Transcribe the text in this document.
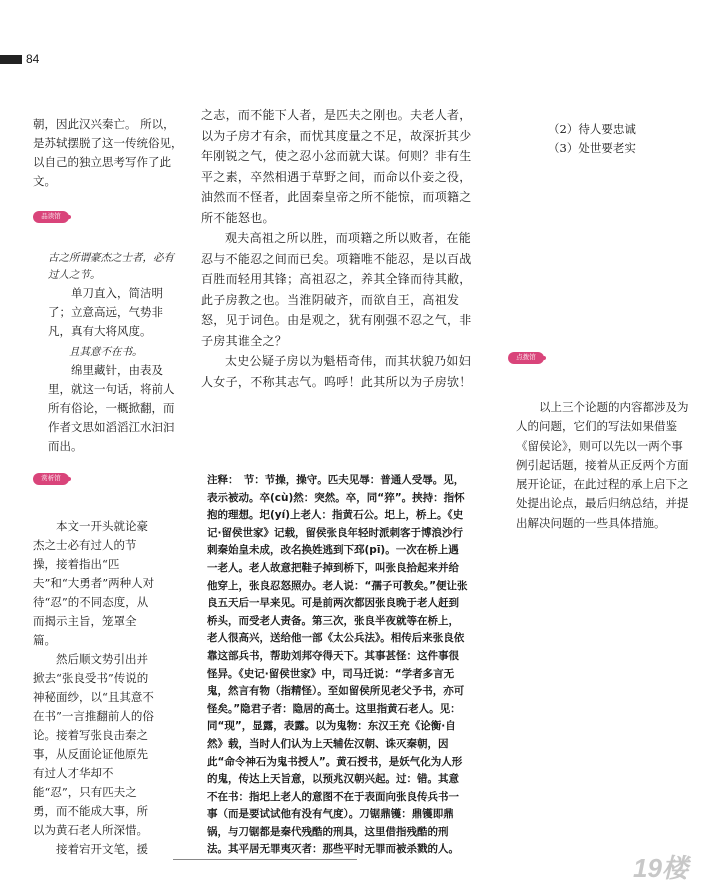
84

朝，因此汉兴秦亡。 所以，是苏轼摆脱了这一传统俗见，以自己的独立思考写作了此文。

品读馆

古之所谓豪杰之士者，必有过人之节。

单刀直入，简洁明了；立意高远，气势非凡，真有大将风度。

且其意不在书。

绵里藏针，由表及里，就这一句话，将前人所有俗论，一概掀翻，而作者文思如滔滔江水汩汩而出。

赏析馆

本文一开头就论豪杰之士必有过人的节操，接着指出“匹夫”和“大勇者”两种人对待“忍”的不同态度，从而揭示主旨，笼罩全篇。

然后顺文势引出并掀去“张良受书”传说的神秘面纱，以“且其意不在书”一言推翻前人的俗论。接着写张良击秦之事，从反面论证他原先有过人才华却不能“忍”，只有匹夫之勇，而不能成大事，所以为黄石老人所深惜。

接着宕开文笔，援

之志，而不能下人者，是匹夫之刚也。夫老人者，以为子房才有余，而忧其度量之不足，故深折其少年刚锐之气，使之忍小忿而就大谋。何则？非有生平之素，卒然相遇于草野之间，而命以仆妾之役，油然而不怪者，此固秦皇帝之所不能惊，而项籍之所不能怒也。

观夫高祖之所以胜，而项籍之所以败者，在能忍与不能忍之间而已矣。项籍唯不能忍，是以百战百胜而轻用其锋；高祖忍之，养其全锋而待其敝，此子房教之也。当淮阴破齐，而欲自王，高祖发怒，见于词色。由是观之，犹有刚强不忍之气，非子房其谁全之？

太史公疑子房以为魁梧奇伟，而其状貌乃如妇人女子，不称其志气。呜呼！此其所以为子房欤！

注释：　节：节操，操守。匹夫见辱：普通人受辱。见，表示被动。卒(cù)然：突然。卒，同“猝”。挟持：指怀抱的理想。圯(yí)上老人：指黄石公。圯上，桥上。《史记·留侯世家》记载，留侯张良年轻时派刺客于博浪沙行刺秦始皇未成，改名换姓逃到下邳(pī)。一次在桥上遇一老人。老人故意把鞋子掉到桥下，叫张良拾起来并给他穿上，张良忍怒照办。老人说：“孺子可教矣。”便让张良五天后一早来见。可是前两次都因张良晚于老人赶到桥头，而受老人责备。第三次，张良半夜就等在桥上，老人很高兴，送给他一部《太公兵法》。相传后来张良依靠这部兵书，帮助刘邦夺得天下。其事甚怪：这件事很怪异。《史记·留侯世家》中，司马迁说：“学者多言无鬼，然言有物（指精怪）。至如留侯所见老父予书，亦可怪矣。”隐君子者：隐居的高士。这里指黄石老人。见：同“现”，显露，表露。以为鬼物：东汉王充《论衡·自然》载，当时人们认为上天辅佐汉朝、诛灭秦朝，因此“命令神石为鬼书授人”。黄石授书，是妖气化为人形的鬼，传达上天旨意，以预兆汉朝兴起。过：错。其意不在书：指圯上老人的意图不在于表面向张良传兵书一事（而是要试试他有没有气度）。刀锯鼎镬：鼎镬即鼎锅，与刀锯都是秦代残酷的刑具，这里借指残酷的刑法。其平居无罪夷灭者：那些平时无罪而被杀戮的人。

（2）待人要忠诚

（3）处世要老实

点拨馆

以上三个论题的内容都涉及为人的问题，它们的写法如果借鉴《留侯论》，则可以先以一两个事例引起话题，接着从正反两个方面展开论证，在此过程的承上启下之处提出论点，最后归纳总结，并提出解决问题的一些具体措施。

19楼
